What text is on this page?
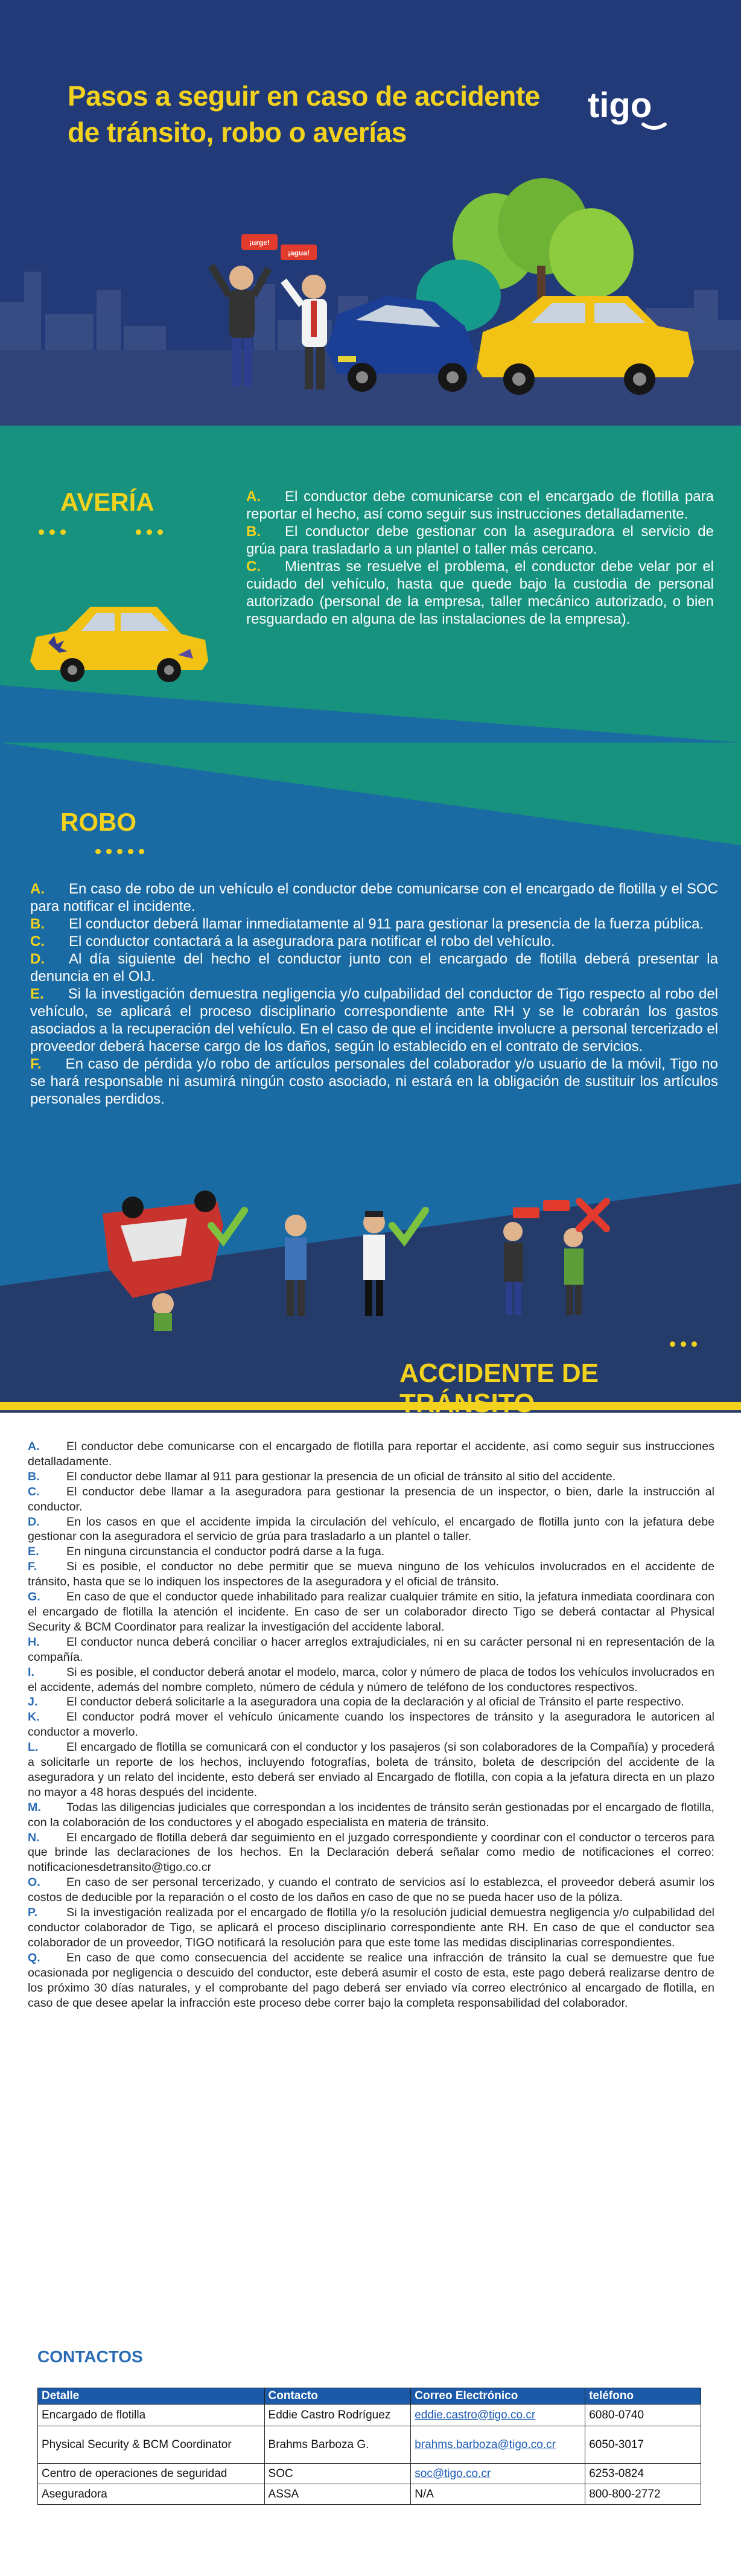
Pasos a seguir en caso de accidente
de tránsito, robo o averías
tigo
¡urge!
¡agua!
AVERÍA	A. El conductor debe comunicarse con el encargado de flotilla para reportar el hecho, así como seguir sus instrucciones detalladamente.
B. El conductor debe gestionar con la aseguradora el servicio de grúa para trasladarlo a un plantel o taller más cercano.
C. Mientras se resuelve el problema, el conductor debe velar por el cuidado del vehículo, hasta que quede bajo la custodia de personal autorizado (personal de la empresa, taller mecánico autorizado, o bien resguardado en alguna de las instalaciones de la empresa).
ROBO
A. En caso de robo de un vehículo el conductor debe comunicarse con el encargado de flotilla y el SOC para notificar el incidente.
B. El conductor deberá llamar inmediatamente al 911 para gestionar la presencia de la fuerza pública.
C. El conductor contactará a la aseguradora para notificar el robo del vehículo.
D. Al día siguiente del hecho el conductor junto con el encargado de flotilla deberá presentar la denuncia en el OIJ.
E. Si la investigación demuestra negligencia y/o culpabilidad del conductor de Tigo respecto al robo del vehículo, se aplicará el proceso disciplinario correspondiente ante RH y se le cobrarán los gastos asociados a la recuperación del vehículo. En el caso de que el incidente involucre a personal tercerizado el proveedor deberá hacerse cargo de los daños, según lo establecido en el contrato de servicios.
F. En caso de pérdida y/o robo de artículos personales del colaborador y/o usuario de la móvil, Tigo no se hará responsable ni asumirá ningún costo asociado, ni estará en la obligación de sustituir los artículos personales perdidos.
ACCIDENTE DE TRÁNSITO
A. El conductor debe comunicarse con el encargado de flotilla para reportar el accidente, así como seguir sus instrucciones detalladamente.
B. El conductor debe llamar al 911 para gestionar la presencia de un oficial de tránsito al sitio del accidente.
C. El conductor debe llamar a la aseguradora para gestionar la presencia de un inspector, o bien, darle la instrucción al conductor.
D. En los casos en que el accidente impida la circulación del vehículo, el encargado de flotilla junto con la jefatura debe gestionar con la aseguradora el servicio de grúa para trasladarlo a un plantel o taller.
E. En ninguna circunstancia el conductor podrá darse a la fuga.
F. Si es posible, el conductor no debe permitir que se mueva ninguno de los vehículos involucrados en el accidente de tránsito, hasta que se lo indiquen los inspectores de la aseguradora y el oficial de tránsito.
G. En caso de que el conductor quede inhabilitado para realizar cualquier trámite en sitio, la jefatura inmediata coordinara con el encargado de flotilla la atención el incidente. En caso de ser un colaborador directo Tigo se deberá contactar al Physical Security & BCM Coordinator para realizar la investigación del accidente laboral.
H. El conductor nunca deberá conciliar o hacer arreglos extrajudiciales, ni en su carácter personal ni en representación de la compañía.
I.	Si es posible, el conductor deberá anotar el modelo, marca, color y número de placa de todos los vehículos involucrados en el accidente, además del nombre completo, número de cédula y número de teléfono de los conductores respectivos.
J. El conductor deberá solicitarle a la aseguradora una copia de la declaración y al oficial de Tránsito el parte respectivo.
K. El conductor podrá mover el vehículo únicamente cuando los inspectores de tránsito y la aseguradora le autoricen al conductor a moverlo.
L. El encargado de flotilla se comunicará con el conductor y los pasajeros (si son colaboradores de la Compañía) y procederá a solicitarle un reporte de los hechos, incluyendo fotografías, boleta de tránsito, boleta de descripción del accidente de la aseguradora y un relato del incidente, esto deberá ser enviado al Encargado de flotilla, con copia a la jefatura directa en un plazo no mayor a 48 horas después del incidente.
M. Todas las diligencias judiciales que correspondan a los incidentes de tránsito serán gestionadas por el encargado de flotilla, con la colaboración de los conductores y el abogado especialista en materia de tránsito.
N. El encargado de flotilla deberá dar seguimiento en el juzgado correspondiente y coordinar con el conductor o terceros para que brinde las declaraciones de los hechos. En la Declaración deberá señalar como medio de notificaciones el correo: notificacionesdetransito@tigo.co.cr
O. En caso de ser personal tercerizado, y cuando el contrato de servicios así lo establezca, el proveedor deberá asumir los costos de deducible por la reparación o el costo de los daños en caso de que no se pueda hacer uso de la póliza.
P. Si la investigación realizada por el encargado de flotilla y/o la resolución judicial demuestra negligencia y/o culpabilidad del conductor colaborador de Tigo, se aplicará el proceso disciplinario correspondiente ante RH. En caso de que el conductor sea colaborador de un proveedor, TIGO notificará la resolución para que este tome las medidas disciplinarias correspondientes.
Q. En caso de que como consecuencia del accidente se realice una infracción de tránsito la cual se demuestre que fue ocasionada por negligencia o descuido del conductor, este deberá asumir el costo de esta, este pago deberá realizarse dentro de los próximo 30 días naturales, y el comprobante del pago deberá ser enviado vía correo electrónico al encargado de flotilla, en caso de que desee apelar la infracción este proceso debe correr bajo la completa responsabilidad del colaborador.
CONTACTOS
Detalle	Contacto	Correo Electrónico	teléfono
Encargado de flotilla	Eddie Castro Rodríguez	eddie.castro@tigo.co.cr	6080-0740
Physical Security & BCM Coordinator	Brahms Barboza G.	brahms.barboza@tigo.co.cr	6050-3017
Centro de operaciones de seguridad	SOC	soc@tigo.co.cr	6253-0824
Aseguradora	ASSA	N/A	800-800-2772
